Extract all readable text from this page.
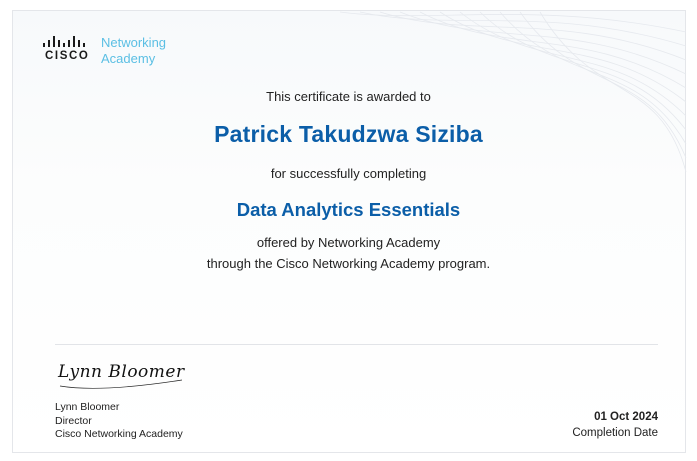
CISCO
Networking
Academy
This certificate is awarded to
Patrick Takudzwa Siziba
for successfully completing
Data Analytics Essentials
offered by Networking Academy
through the Cisco Networking Academy program.
Lynn Bloomer
Lynn Bloomer
Director
Cisco Networking Academy
01 Oct 2024
Completion Date
